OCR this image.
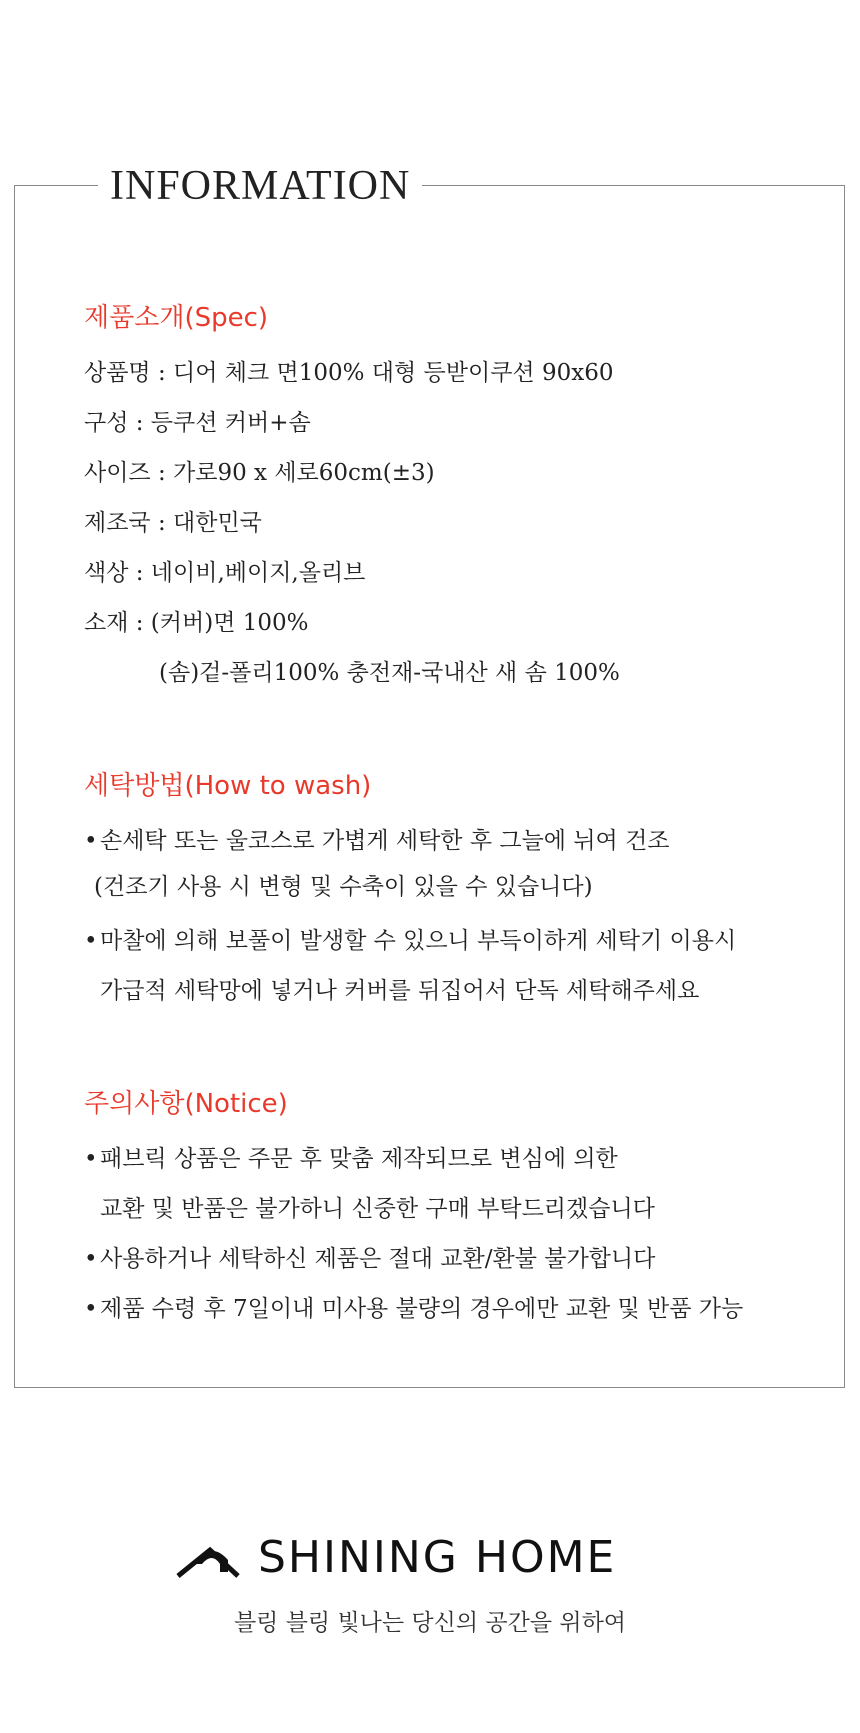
INFORMATION
제품소개(Spec)
상품명 : 디어 체크 면100% 대형 등받이쿠션 90x60
구성 : 등쿠션 커버+솜
사이즈 : 가로90 x 세로60cm(±3)
제조국 : 대한민국
색상 : 네이비,베이지,올리브
소재 : (커버)면 100%
(솜)겉-폴리100% 충전재-국내산 새 솜 100%
세탁방법(How to wash)
• 손세탁 또는 울코스로 가볍게 세탁한 후 그늘에 뉘여 건조
(건조기 사용 시 변형 및 수축이 있을 수 있습니다)
• 마찰에 의해 보풀이 발생할 수 있으니 부득이하게 세탁기 이용시
가급적 세탁망에 넣거나 커버를 뒤집어서 단독 세탁해주세요
주의사항(Notice)
• 패브릭 상품은 주문 후 맞춤 제작되므로 변심에 의한
교환 및 반품은 불가하니 신중한 구매 부탁드리겠습니다
• 사용하거나 세탁하신 제품은 절대 교환/환불 불가합니다
• 제품 수령 후 7일이내 미사용 불량의 경우에만 교환 및 반품 가능
SHINING HOME
블링 블링 빛나는 당신의 공간을 위하여
